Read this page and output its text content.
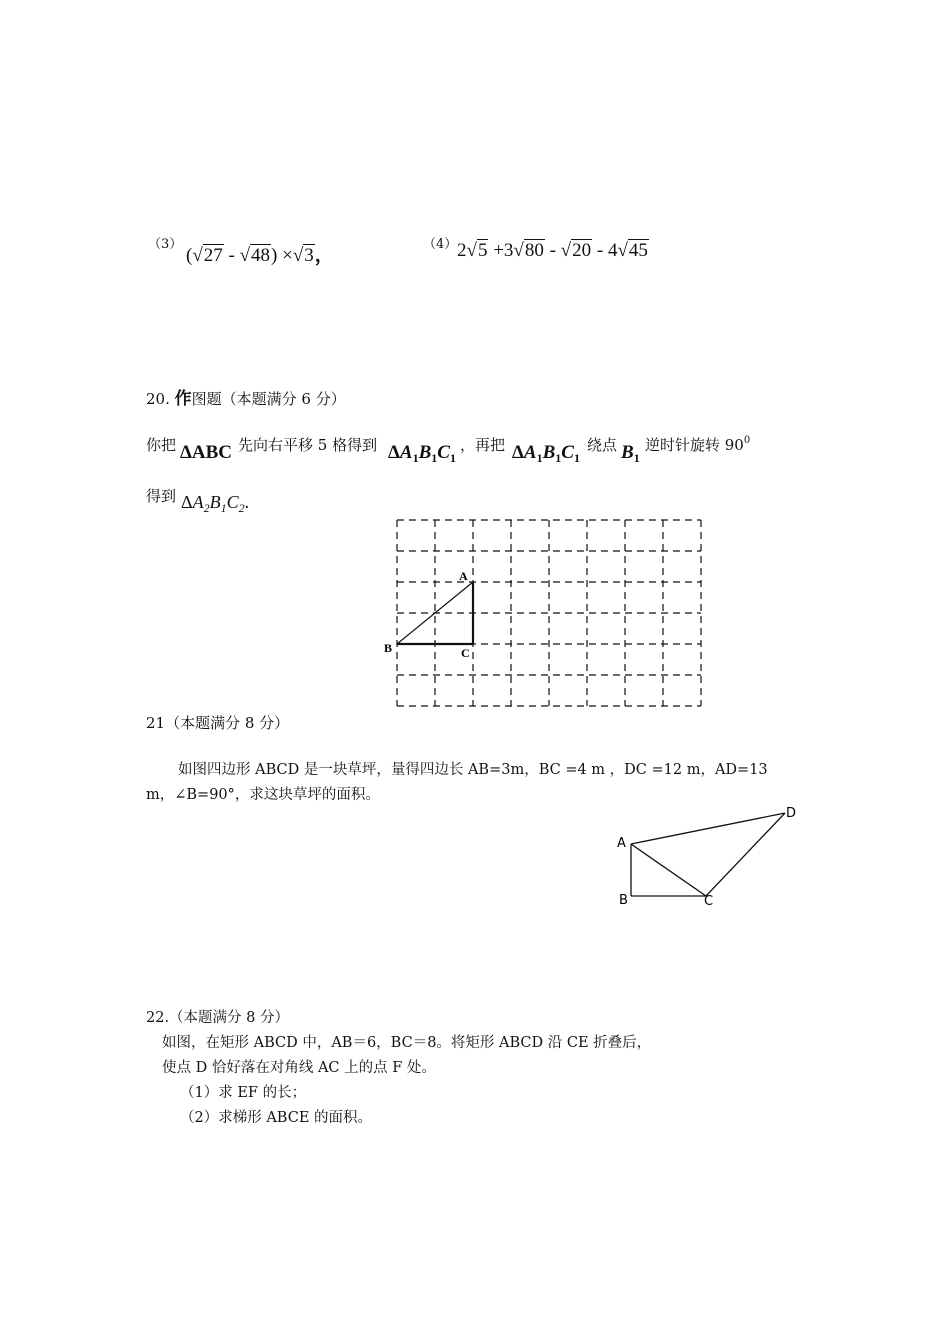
（3）
(√27 - √48) ×√3，
（4） 2√5 +3√80 - √20 - 4√45
20. 作图题（本题满分 6 分）
你把 ΔABC 先向右平移 5 格得到 $\Delta A_1B_1C_1$
，再把 $\Delta A_1B_1C_1$
绕点 $B_1$
逆时针旋转 $90^0$
得到 $\Delta A_2B_1C_2$.
A
B	C
21（本题满分 8 分）
如图四边形 ABCD 是一块草坪，量得四边长 AB=3m，BC =4 m ，DC =12 m，AD=13
m，∠B=90°，求这块草坪的面积。
A
B	C
D
22.（本题满分 8 分）
如图，在矩形 ABCD 中，AB＝6，BC＝8。将矩形 ABCD 沿 CE 折叠后，
使点 D 恰好落在对角线 AC 上的点 F 处。
（1）求 EF 的长；
（2）求梯形 ABCE 的面积。
